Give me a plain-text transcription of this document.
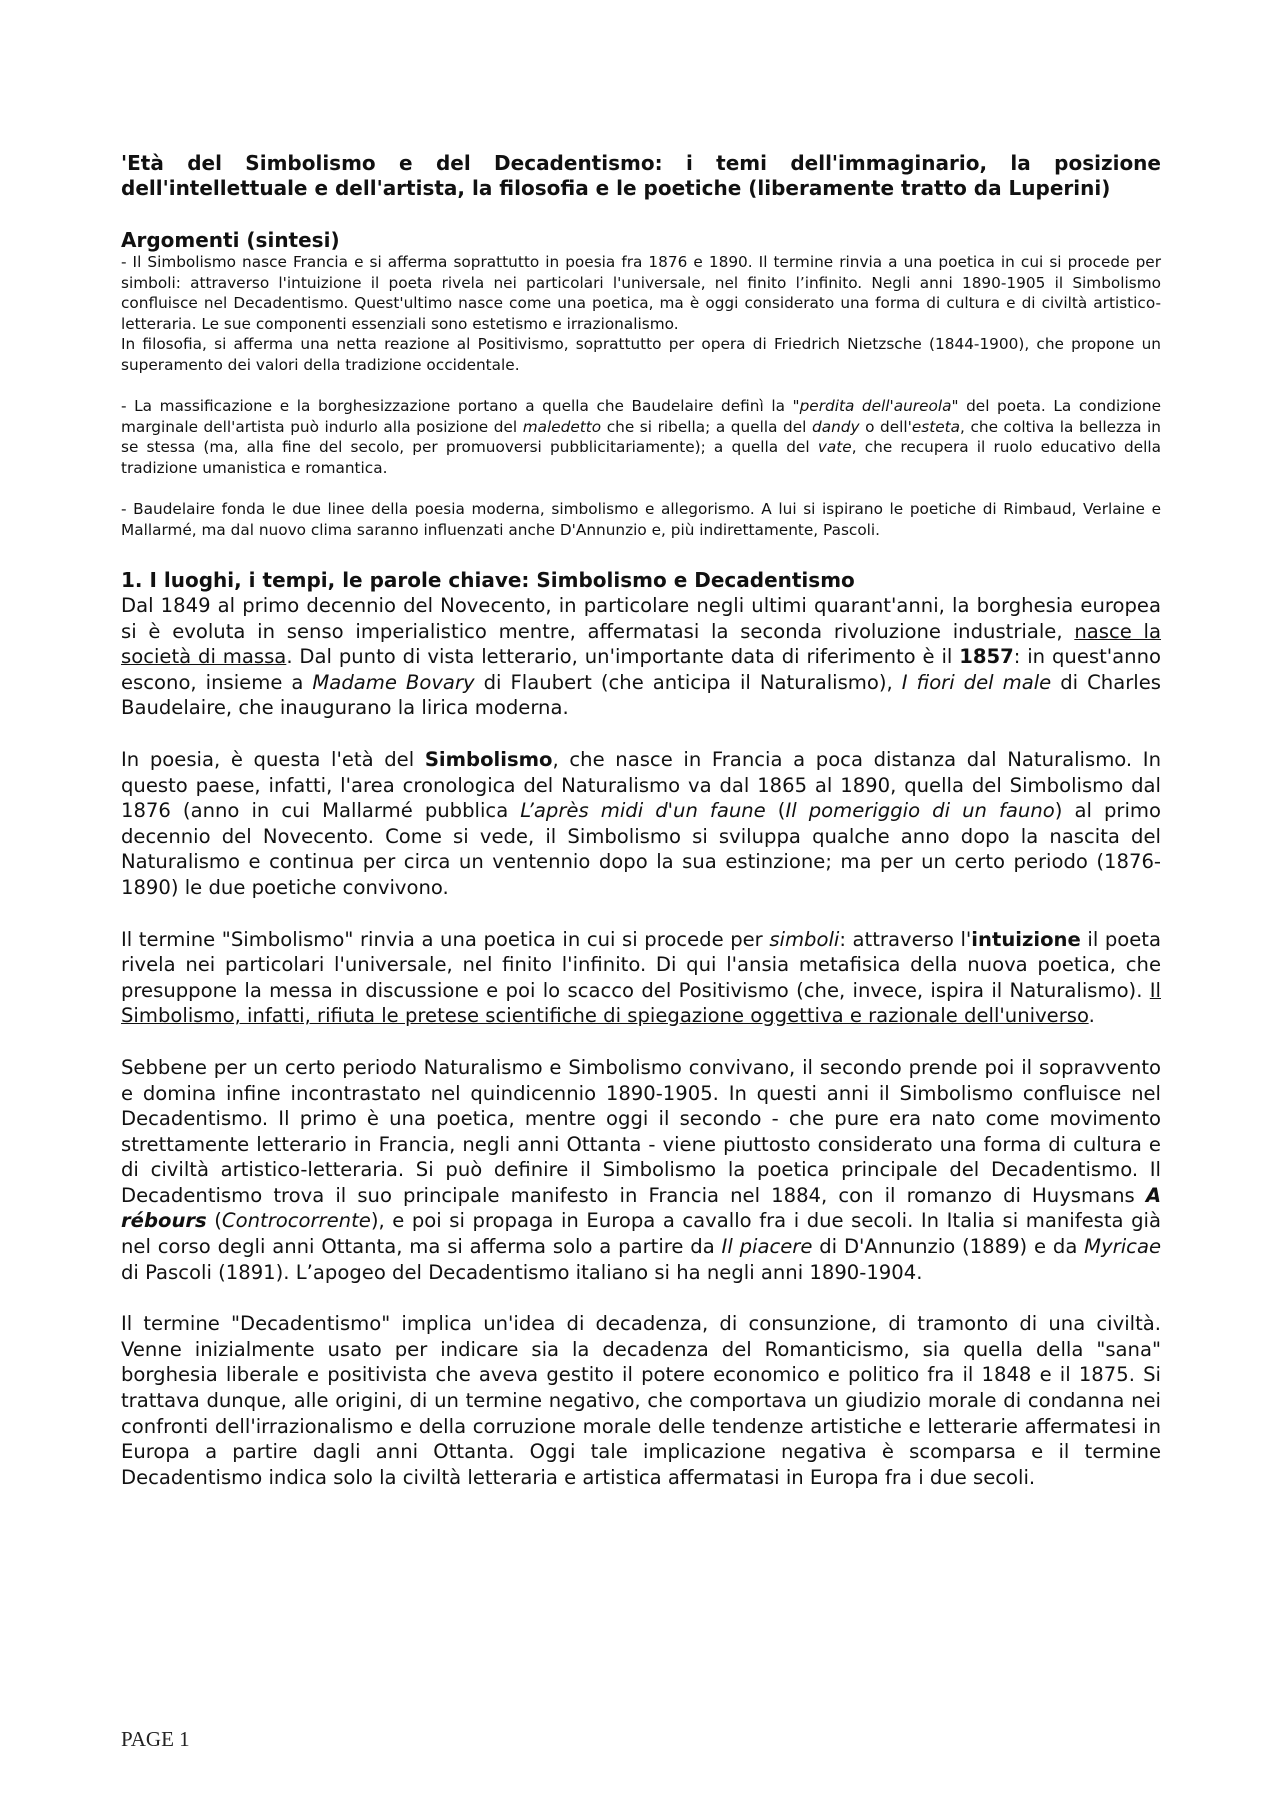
'Età del Simbolismo e del Decadentismo: i temi dell'immaginario, la posizione dell'intellettuale e dell'artista, la filosofia e le poetiche (liberamente tratto da Luperini)
Argomenti (sintesi)

- Il Simbolismo nasce Francia e si afferma soprattutto in poesia fra 1876 e 1890. Il termine rinvia a una poetica in cui si procede per simboli: attraverso l'intuizione il poeta rivela nei particolari l'universale, nel finito l’infinito. Negli anni 1890-1905 il Simbolismo confluisce nel Decadentismo. Quest'ultimo nasce come una poetica, ma è oggi considerato una forma di cultura e di civiltà artistico-letteraria. Le sue componenti essenziali sono estetismo e irrazionalismo.

In filosofia, si afferma una netta reazione al Positivismo, soprattutto per opera di Friedrich Nietzsche (1844-1900), che propone un superamento dei valori della tradizione occidentale.

- La massificazione e la borghesizzazione portano a quella che Baudelaire definì la "perdita dell'aureola" del poeta. La condizione marginale dell'artista può indurlo alla posizione del maledetto che si ribella; a quella del dandy o dell'esteta, che coltiva la bellezza in se stessa (ma, alla fine del secolo, per promuoversi pubblicitariamente); a quella del vate, che recupera il ruolo educativo della tradizione umanistica e romantica.

- Baudelaire fonda le due linee della poesia moderna, simbolismo e allegorismo. A lui si ispirano le poetiche di Rimbaud, Verlaine e Mallarmé, ma dal nuovo clima saranno influenzati anche D'Annunzio e, più indirettamente, Pascoli.

1. I luoghi, i tempi, le parole chiave: Simbolismo e Decadentismo

Dal 1849 al primo decennio del Novecento, in particolare negli ultimi quarant'anni, la borghesia europea si è evoluta in senso imperialistico mentre, affermatasi la seconda rivoluzione industriale, nasce la società di massa. Dal punto di vista letterario, un'importante data di riferimento è il 1857: in quest'anno escono, insieme a Madame Bovary di Flaubert (che anticipa il Naturalismo), I fiori del male di Charles Baudelaire, che inaugurano la lirica moderna.

In poesia, è questa l'età del Simbolismo, che nasce in Francia a poca distanza dal Naturalismo. In questo paese, infatti, l'area cronologica del Naturalismo va dal 1865 al 1890, quella del Simbolismo dal 1876 (anno in cui Mallarmé pubblica L’après midi d'un faune (Il pomeriggio di un fauno) al primo decennio del Novecento. Come si vede, il Simbolismo si sviluppa qualche anno dopo la nascita del Naturalismo e continua per circa un ventennio dopo la sua estinzione; ma per un certo periodo (1876-1890) le due poetiche convivono.

Il termine "Simbolismo" rinvia a una poetica in cui si procede per simboli: attraverso l'intuizione il poeta rivela nei particolari l'universale, nel finito l'infinito. Di qui l'ansia metafisica della nuova poetica, che presuppone la messa in discussione e poi lo scacco del Positivismo (che, invece, ispira il Naturalismo). Il Simbolismo, infatti, rifiuta le pretese scientifiche di spiegazione oggettiva e razionale dell'universo.

Sebbene per un certo periodo Naturalismo e Simbolismo convivano, il secondo prende poi il sopravvento e domina infine incontrastato nel quindicennio 1890-1905. In questi anni il Simbolismo confluisce nel Decadentismo. Il primo è una poetica, mentre oggi il secondo - che pure era nato come movimento strettamente letterario in Francia, negli anni Ottanta - viene piuttosto considerato una forma di cultura e di civiltà artistico-letteraria. Si può definire il Simbolismo la poetica principale del Decadentismo. Il Decadentismo trova il suo principale manifesto in Francia nel 1884, con il romanzo di Huysmans A rébours (Controcorrente), e poi si propaga in Europa a cavallo fra i due secoli. In Italia si manifesta già nel corso degli anni Ottanta, ma si afferma solo a partire da Il piacere di D'Annunzio (1889) e da Myricae di Pascoli (1891). L’apogeo del Decadentismo italiano si ha negli anni 1890-1904.

Il termine "Decadentismo" implica un'idea di decadenza, di consunzione, di tramonto di una civiltà. Venne inizialmente usato per indicare sia la decadenza del Romanticismo, sia quella della "sana" borghesia liberale e positivista che aveva gestito il potere economico e politico fra il 1848 e il 1875. Si trattava dunque, alle origini, di un termine negativo, che comportava un giudizio morale di condanna nei confronti dell'irrazionalismo e della corruzione morale delle tendenze artistiche e letterarie affermatesi in Europa a partire dagli anni Ottanta. Oggi tale implicazione negativa è scomparsa e il termine Decadentismo indica solo la civiltà letteraria e artistica affermatasi in Europa fra i due secoli.

PAGE 1
